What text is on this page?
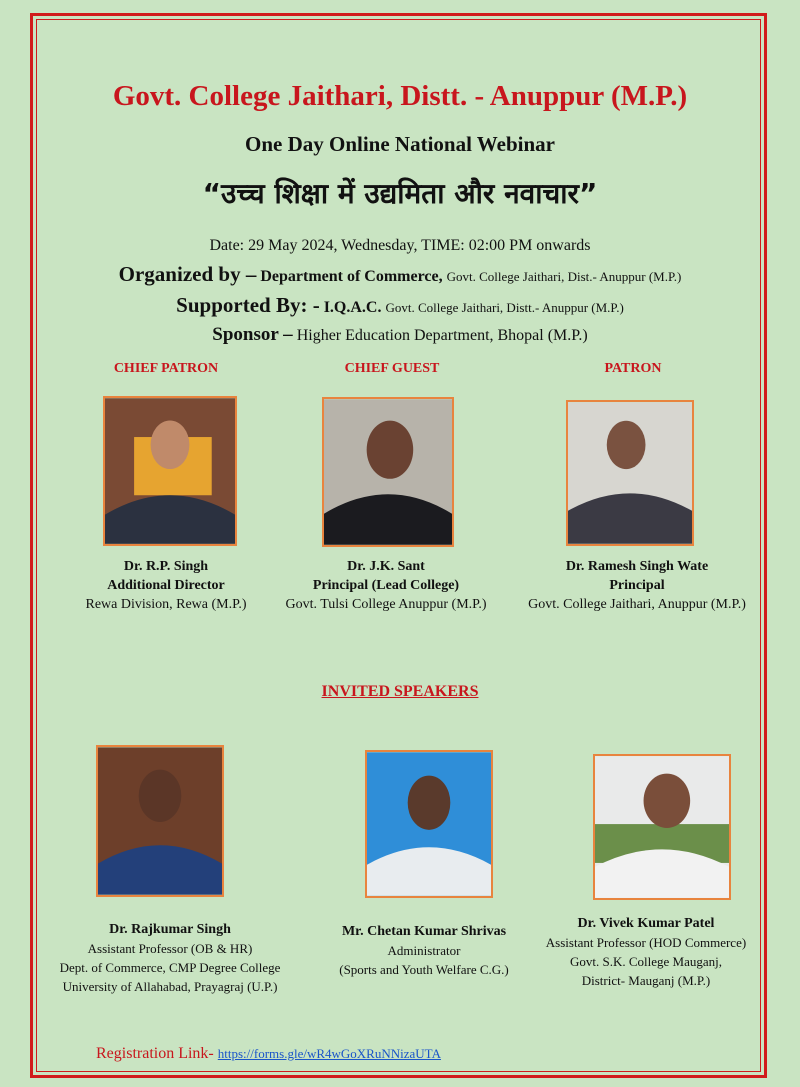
Govt. College Jaithari, Distt. - Anuppur (M.P.)
One Day Online National Webinar
“उच्च शिक्षा में उद्यमिता और नवाचार”
Date: 29 May 2024, Wednesday, TIME: 02:00 PM onwards
Organized by – Department of Commerce, Govt. College Jaithari, Dist.- Anuppur (M.P.)
Supported By: - I.Q.A.C. Govt. College Jaithari, Distt.- Anuppur (M.P.)
Sponsor – Higher Education Department, Bhopal (M.P.)
CHIEF PATRON	CHIEF GUEST	PATRON
Dr. R.P. Singh
Additional Director
Rewa Division, Rewa (M.P.)
Dr. J.K. Sant
Principal (Lead College)
Govt. Tulsi College Anuppur (M.P.)
Dr. Ramesh Singh Wate
Principal
Govt. College Jaithari, Anuppur (M.P.)
INVITED SPEAKERS
Dr. Rajkumar Singh
Assistant Professor (OB & HR)
Dept. of Commerce, CMP Degree College
University of Allahabad, Prayagraj (U.P.)
Mr. Chetan Kumar Shrivas
Administrator
(Sports and Youth Welfare C.G.)
Dr. Vivek Kumar Patel
Assistant Professor (HOD Commerce)
Govt. S.K. College Mauganj,
District- Mauganj (M.P.)
Registration Link- https://forms.gle/wR4wGoXRuNNizaUTA
